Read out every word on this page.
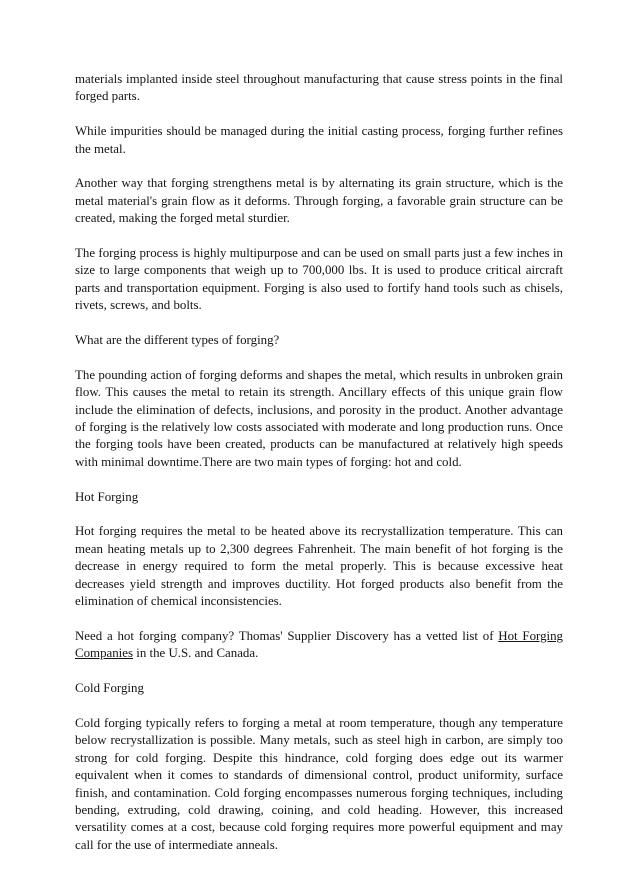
materials implanted inside steel throughout manufacturing that cause stress points in the final forged parts.

While impurities should be managed during the initial casting process, forging further refines the metal.

Another way that forging strengthens metal is by alternating its grain structure, which is the metal material's grain flow as it deforms. Through forging, a favorable grain structure can be created, making the forged metal sturdier.

The forging process is highly multipurpose and can be used on small parts just a few inches in size to large components that weigh up to 700,000 lbs. It is used to produce critical aircraft parts and transportation equipment. Forging is also used to fortify hand tools such as chisels, rivets, screws, and bolts.

What are the different types of forging?

The pounding action of forging deforms and shapes the metal, which results in unbroken grain flow. This causes the metal to retain its strength. Ancillary effects of this unique grain flow include the elimination of defects, inclusions, and porosity in the product. Another advantage of forging is the relatively low costs associated with moderate and long production runs. Once the forging tools have been created, products can be manufactured at relatively high speeds with minimal downtime.There are two main types of forging: hot and cold.

Hot Forging

Hot forging requires the metal to be heated above its recrystallization temperature. This can mean heating metals up to 2,300 degrees Fahrenheit. The main benefit of hot forging is the decrease in energy required to form the metal properly. This is because excessive heat decreases yield strength and improves ductility. Hot forged products also benefit from the elimination of chemical inconsistencies.

Need a hot forging company? Thomas' Supplier Discovery has a vetted list of Hot Forging Companies in the U.S. and Canada.

Cold Forging

Cold forging typically refers to forging a metal at room temperature, though any temperature below recrystallization is possible. Many metals, such as steel high in carbon, are simply too strong for cold forging. Despite this hindrance, cold forging does edge out its warmer equivalent when it comes to standards of dimensional control, product uniformity, surface finish, and contamination. Cold forging encompasses numerous forging techniques, including bending, extruding, cold drawing, coining, and cold heading. However, this increased versatility comes at a cost, because cold forging requires more powerful equipment and may call for the use of intermediate anneals.
